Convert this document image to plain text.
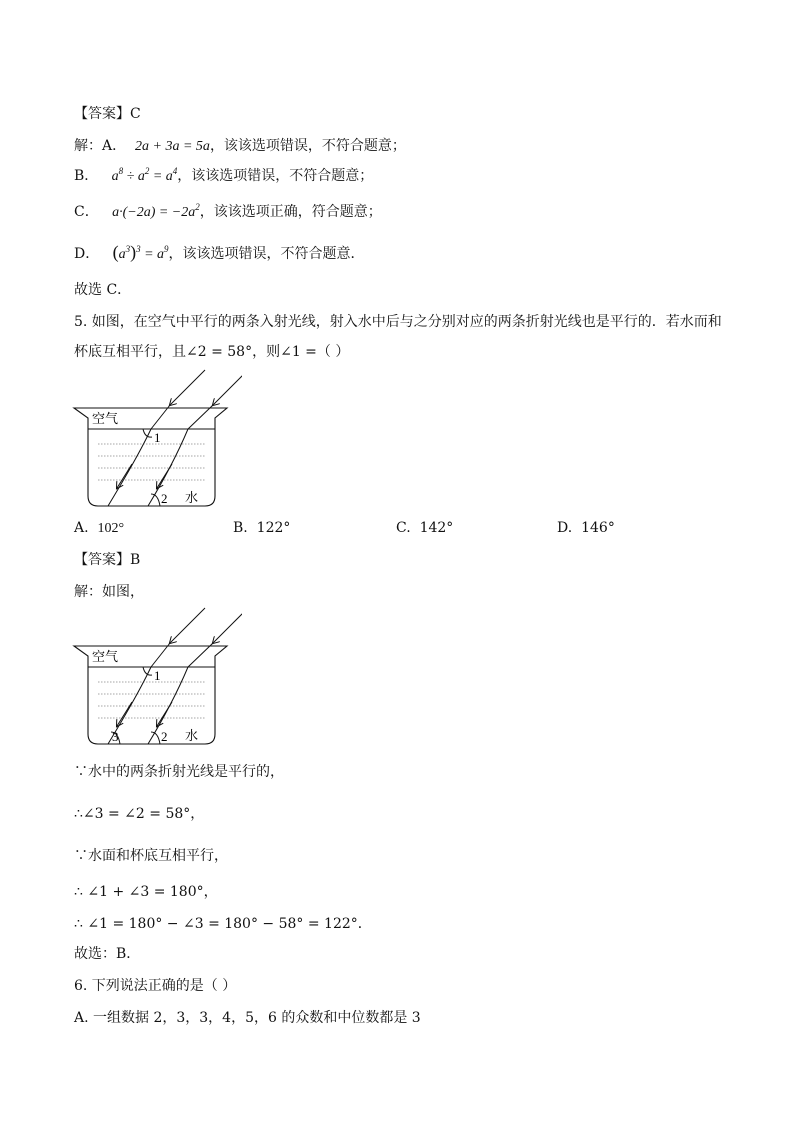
【答案】C
解：A． 2a + 3a = 5a，该该选项错误，不符合题意；
B． $a^8 \div a^2 = a^4$，该该选项错误，不符合题意；
C． $a\cdot(-2a) = -2a^2$，该该选项正确，符合题意；
D． $(a^3)^3 = a^9$，该该选项错误，不符合题意．
故选 C．
5. 如图，在空气中平行的两条入射光线，射入水中后与之分别对应的两条折射光线也是平行的．若水而和
杯底互相平行，且∠2 = 58°，则∠1 =（ ）
空气
1
2 水
A. 102°	B. 122°	C. 142°	D. 146°
【答案】B
解：如图，
空气
1
2
3	水
∵水中的两条折射光线是平行的，
∴∠3 = ∠2 = 58°，
∵水面和杯底互相平行，
∴ ∠1 + ∠3 = 180°，
∴ ∠1 = 180° − ∠3 = 180° − 58° = 122°．
故选：B．
6. 下列说法正确的是（ ）
A. 一组数据 2，3，3，4，5，6 的众数和中位数都是 3
